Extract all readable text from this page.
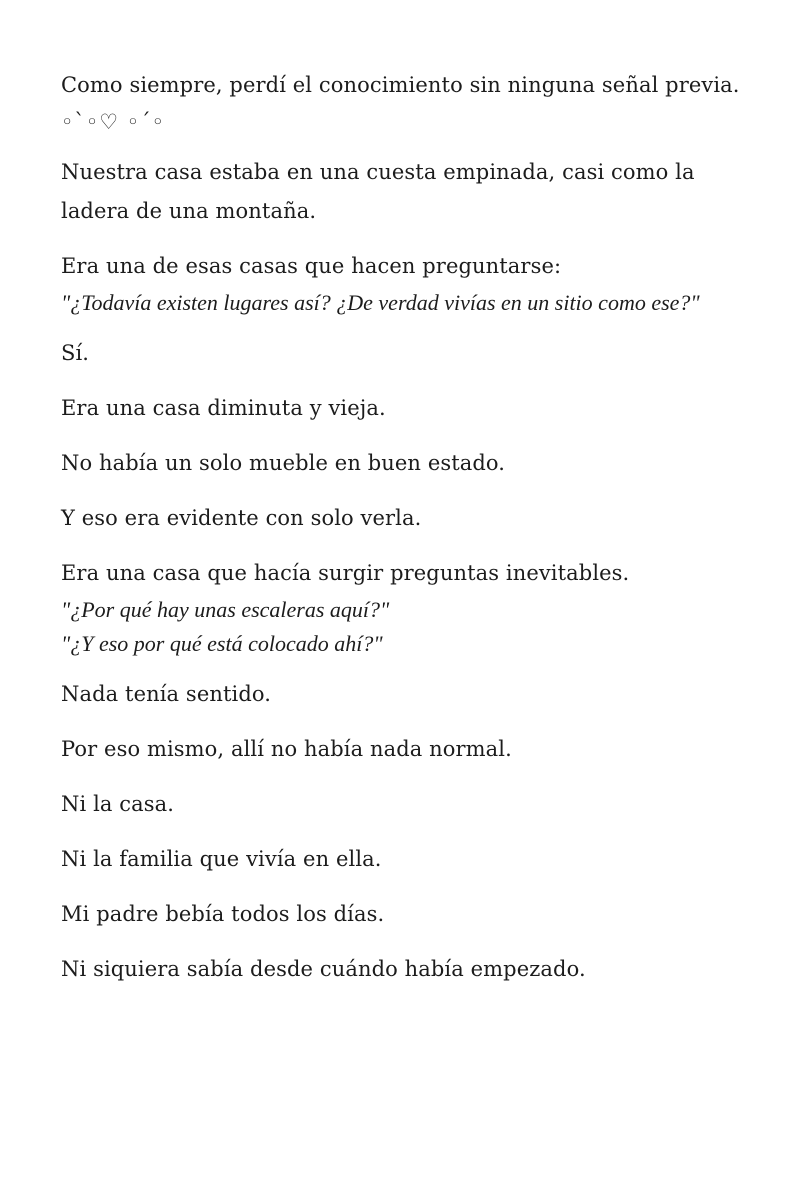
Como siempre, perdí el conocimiento sin ninguna señal previa.

◦`◦♡ ◦´◦

Nuestra casa estaba en una cuesta empinada, casi como la ladera de una montaña.

Era una de esas casas que hacen preguntarse:

"¿Todavía existen lugares así? ¿De verdad vivías en un sitio como ese?"

Sí.

Era una casa diminuta y vieja.

No había un solo mueble en buen estado.

Y eso era evidente con solo verla.

Era una casa que hacía surgir preguntas inevitables.

"¿Por qué hay unas escaleras aquí?"

"¿Y eso por qué está colocado ahí?"

Nada tenía sentido.

Por eso mismo, allí no había nada normal.

Ni la casa.

Ni la familia que vivía en ella.

Mi padre bebía todos los días.

Ni siquiera sabía desde cuándo había empezado.
